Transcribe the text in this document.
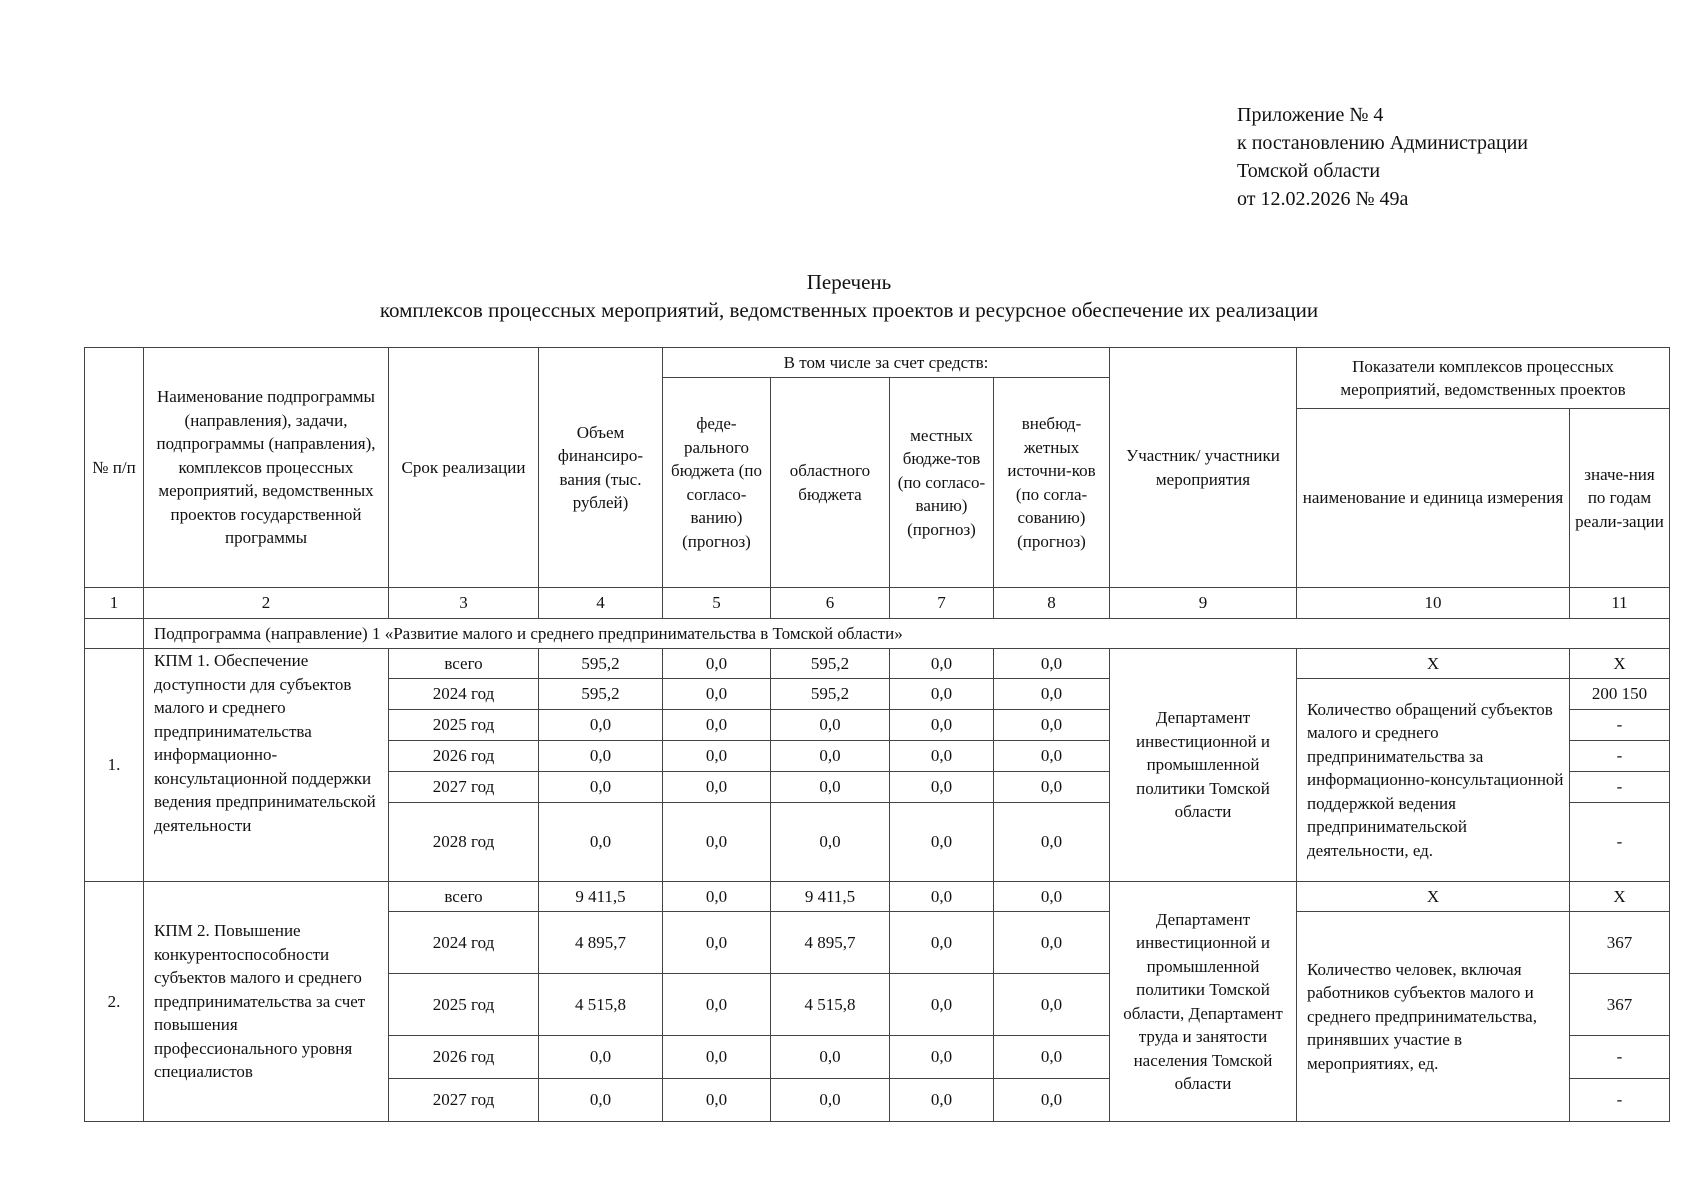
Приложение № 4
к постановлению Администрации
Томской области
от 12.02.2026 № 49а
Перечень
комплексов процессных мероприятий, ведомственных проектов и ресурсное обеспечение их реализации
№ п/п	Наименование подпрограммы (направления), задачи, подпрограммы (направления), комплексов процессных мероприятий, ведомственных проектов государственной программы	Срок реализации	Объем финансиро-вания (тыс. рублей)	В том числе за счет средств:				Участник/ участники мероприятия	Показатели комплексов процессных мероприятий, ведомственных проектов	
				феде-рального бюджета (по согласо-ванию) (прогноз)	областного бюджета	местных бюдже-тов (по согласо-ванию) (прогноз)	внебюд-жетных источни-ков (по согла-сованию) (прогноз)			
									наименование и единица измерения	значе-ния по годам реали-зации
1	2	3	4	5	6	7	8	9	10	11
	Подпрограмма (направление) 1 «Развитие малого и среднего предпринимательства в Томской области»									
1.	КПМ 1. Обеспечение доступности для субъектов малого и среднего предпринимательства информационно-консультационной поддержки ведения предпринимательской деятельности	всего	595,2	0,0	595,2	0,0	0,0	Департамент инвестиционной и промышленной политики Томской области	X	X
		2024 год	595,2	0,0	595,2	0,0	0,0		Количество обращений субъектов малого и среднего предпринимательства за информационно-консультационной поддержкой ведения предпринимательской деятельности, ед.	200 150
		2025 год	0,0	0,0	0,0	0,0	0,0			-
		2026 год	0,0	0,0	0,0	0,0	0,0			-
		2027 год	0,0	0,0	0,0	0,0	0,0			-
		2028 год	0,0	0,0	0,0	0,0	0,0			-
2.	КПМ 2. Повышение конкурентоспособности субъектов малого и среднего предпринимательства за счет повышения профессионального уровня специалистов	всего	9 411,5	0,0	9 411,5	0,0	0,0	Департамент инвестиционной и промышленной политики Томской области, Департамент труда и занятости населения Томской области	X	X
		2024 год	4 895,7	0,0	4 895,7	0,0	0,0		Количество человек, включая работников субъектов малого и среднего предпринимательства, принявших участие в мероприятиях, ед.	367
		2025 год	4 515,8	0,0	4 515,8	0,0	0,0			367
		2026 год	0,0	0,0	0,0	0,0	0,0			-
		2027 год	0,0	0,0	0,0	0,0	0,0			-
